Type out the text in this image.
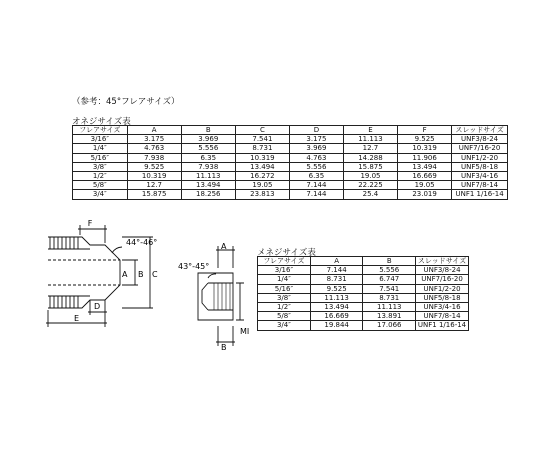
（参考：45°フレアサイズ）
オネジサイズ表
フレアサイズ	A	B	C	D	E	F	スレッドサイズ
3/16″	3.175	3.969	7.541	3.175	11.113	9.525	UNF3/8-24
1/4″	4.763	5.556	8.731	3.969	12.7	10.319	UNF7/16-20
5/16″	7.938	6.35	10.319	4.763	14.288	11.906	UNF1/2-20
3/8″	9.525	7.938	13.494	5.556	15.875	13.494	UNF5/8-18
1/2″	10.319	11.113	16.272	6.35	19.05	16.669	UNF3/4-16
5/8″	12.7	13.494	19.05	7.144	22.225	19.05	UNF7/8-14
3/4″	15.875	18.256	23.813	7.144	25.4	23.019	UNF1 1/16-14
メネジサイズ表
フレアサイズ	A	B	スレッドサイズ
3/16″	7.144	5.556	UNF3/8-24
1/4″	8.731	6.747	UNF7/16-20
5/16″	9.525	7.541	UNF1/2-20
3/8″	11.113	8.731	UNF5/8-18
1/2″	13.494	11.113	UNF3/4-16
5/8″	16.669	13.891	UNF7/8-14
3/4″	19.844	17.066	UNF1 1/16-14
F
44°-46°
A B C
D
E
A
43°-45°
B
MI
